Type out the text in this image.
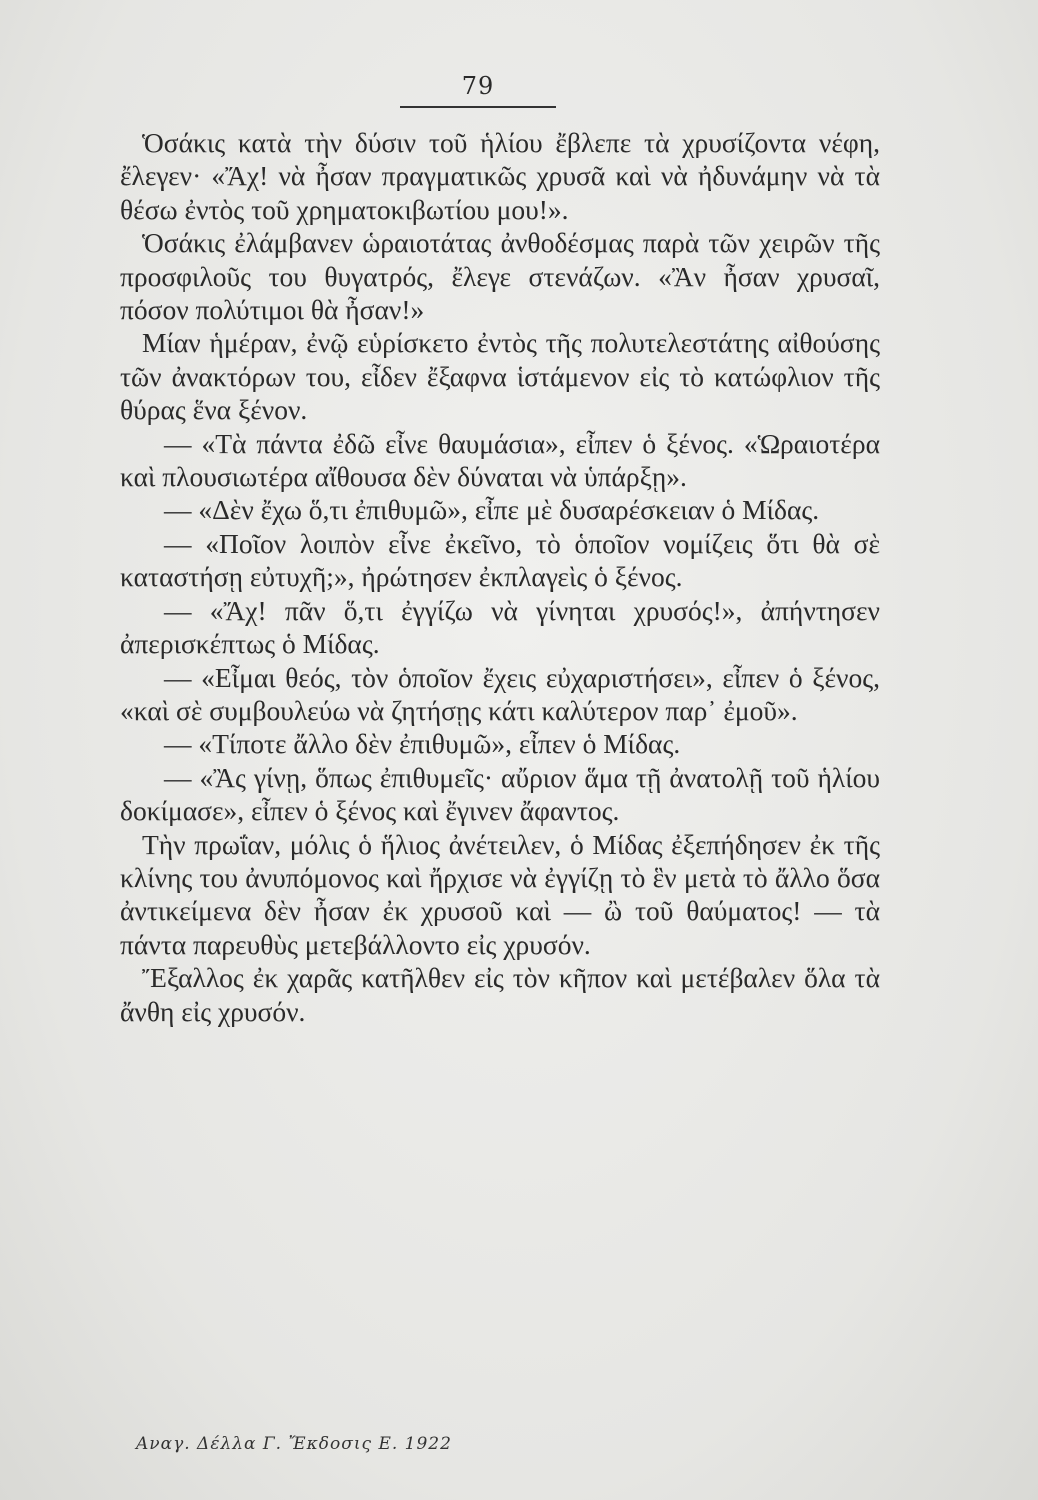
79

Ὁσάκις κατὰ τὴν δύσιν τοῦ ἡλίου ἔβλεπε τὰ χρυσίζοντα νέφη, ἔλεγεν· «Ἄχ! νὰ ἦσαν πραγματικῶς χρυσᾶ καὶ νὰ ἠδυνάμην νὰ τὰ θέσω ἐντὸς τοῦ χρηματοκιβωτίου μου!».

Ὁσάκις ἐλάμβανεν ὡραιοτάτας ἀνθοδέσμας παρὰ τῶν χειρῶν τῆς προσφιλοῦς του θυγατρός, ἔλεγε στενάζων. «Ἂν ἦσαν χρυσαῖ, πόσον πολύτιμοι θὰ ἦσαν!»

Μίαν ἡμέραν, ἐνῷ εὑρίσκετο ἐντὸς τῆς πολυτελεστάτης αἰθούσης τῶν ἀνακτόρων του, εἶδεν ἔξαφνα ἱστάμενον εἰς τὸ κατώφλιον τῆς θύρας ἕνα ξένον.

— «Τὰ πάντα ἐδῶ εἶνε θαυμάσια», εἶπεν ὁ ξένος. «Ὡραιοτέρα καὶ πλουσιωτέρα αἴθουσα δὲν δύναται νὰ ὑπάρξῃ».

— «Δὲν ἔχω ὅ,τι ἐπιθυμῶ», εἶπε μὲ δυσαρέσκειαν ὁ Μίδας.

— «Ποῖον λοιπὸν εἶνε ἐκεῖνο, τὸ ὁποῖον νομίζεις ὅτι θὰ σὲ καταστήσῃ εὐτυχῆ;», ἠρώτησεν ἐκπλαγεὶς ὁ ξένος.

— «Ἄχ! πᾶν ὅ,τι ἐγγίζω νὰ γίνηται χρυσός!», ἀπήντησεν ἀπερισκέπτως ὁ Μίδας.

— «Εἶμαι θεός, τὸν ὁποῖον ἔχεις εὐχαριστήσει», εἶπεν ὁ ξένος, «καὶ σὲ συμβουλεύω νὰ ζητήσῃς κάτι καλύτερον παρ᾽ ἐμοῦ».

— «Τίποτε ἄλλο δὲν ἐπιθυμῶ», εἶπεν ὁ Μίδας.

— «Ἂς γίνῃ, ὅπως ἐπιθυμεῖς· αὔριον ἅμα τῇ ἀνατολῇ τοῦ ἡλίου δοκίμασε», εἶπεν ὁ ξένος καὶ ἔγινεν ἄφαντος.

Τὴν πρωΐαν, μόλις ὁ ἥλιος ἀνέτειλεν, ὁ Μίδας ἐξεπήδησεν ἐκ τῆς κλίνης του ἀνυπόμονος καὶ ἤρχισε νὰ ἐγγίζῃ τὸ ἓν μετὰ τὸ ἄλλο ὅσα ἀντικείμενα δὲν ἦσαν ἐκ χρυσοῦ καὶ — ὢ τοῦ θαύματος! — τὰ πάντα παρευθὺς μετεβάλλοντο εἰς χρυσόν.

Ἔξαλλος ἐκ χαρᾶς κατῆλθεν εἰς τὸν κῆπον καὶ μετέβαλεν ὅλα τὰ ἄνθη εἰς χρυσόν.

Αναγ. Δέλλα Γ. Ἔκδοσις Ε. 1922
